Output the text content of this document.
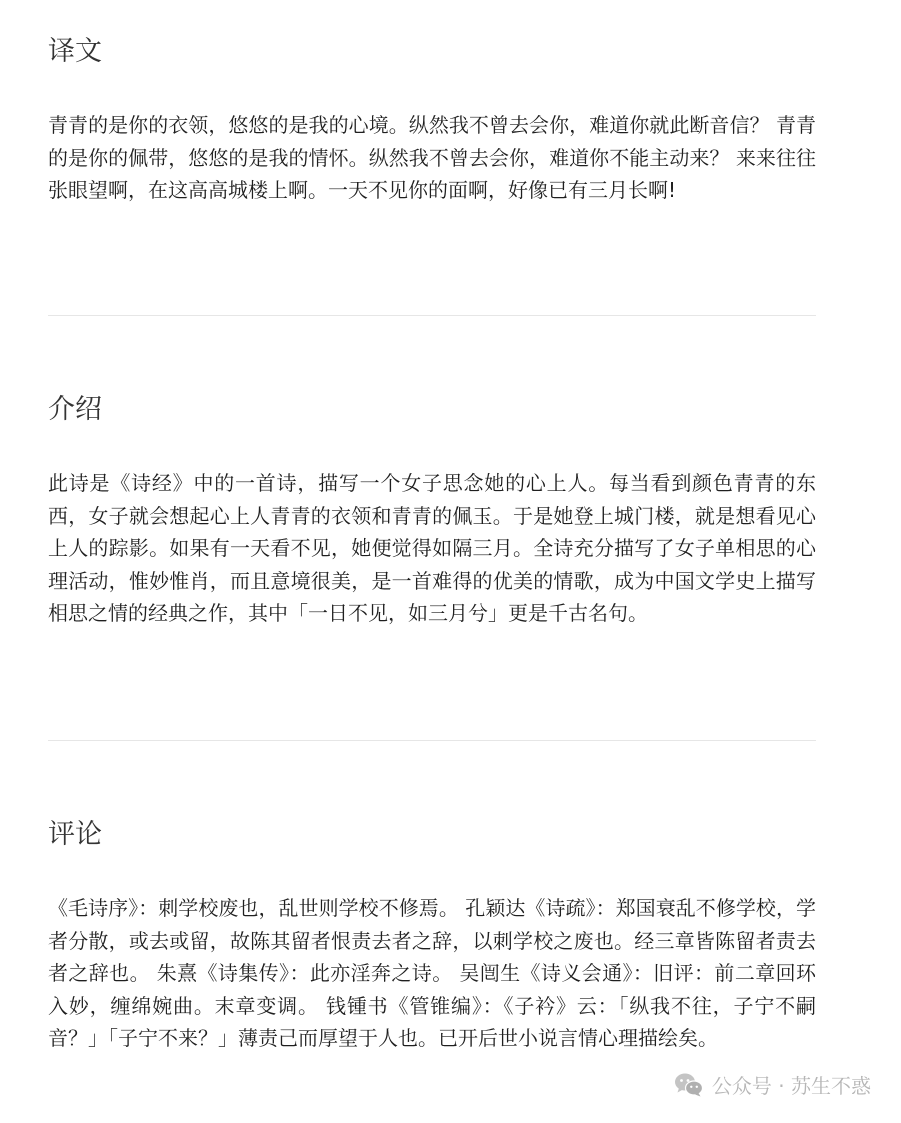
译文

青青的是你的衣领，悠悠的是我的心境。纵然我不曾去会你，难道你就此断音信？ 青青的是你的佩带，悠悠的是我的情怀。纵然我不曾去会你，难道你不能主动来？ 来来往往张眼望啊，在这高高城楼上啊。一天不见你的面啊，好像已有三月长啊!

介绍

此诗是《诗经》中的一首诗，描写一个女子思念她的心上人。每当看到颜色青青的东西，女子就会想起心上人青青的衣领和青青的佩玉。于是她登上城门楼，就是想看见心上人的踪影。如果有一天看不见，她便觉得如隔三月。全诗充分描写了女子单相思的心理活动，惟妙惟肖，而且意境很美，是一首难得的优美的情歌，成为中国文学史上描写相思之情的经典之作，其中「一日不见，如三月兮」更是千古名句。

评论

《毛诗序》：刺学校废也，乱世则学校不修焉。 孔颖达《诗疏》：郑国衰乱不修学校，学者分散，或去或留，故陈其留者恨责去者之辞，以刺学校之废也。经三章皆陈留者责去者之辞也。 朱熹《诗集传》：此亦淫奔之诗。 吴闿生《诗义会通》：旧评：前二章回环入妙，缠绵婉曲。末章变调。 钱锺书《管锥编》：《子衿》云：「纵我不往，子宁不嗣音？」「子宁不来？」薄责己而厚望于人也。已开后世小说言情心理描绘矣。

公众号 · 苏生不惑
